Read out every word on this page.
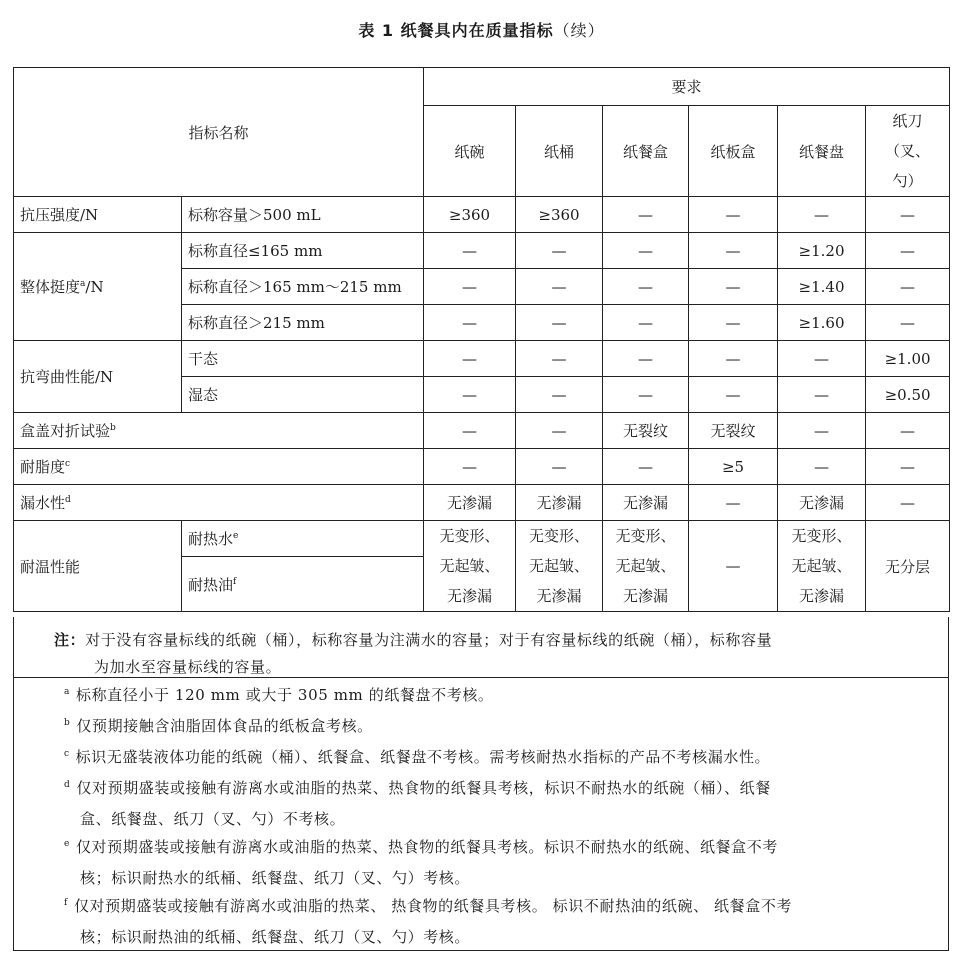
表 1 纸餐具内在质量指标（续）
指标名称		要求					
		纸碗	纸桶	纸餐盒	纸板盒	纸餐盘	纸刀
（叉、
勺）

抗压强度/N	标称容量＞500 mL	≥360	≥360	—	—	—	—
整体挺度$^a$/N	标称直径≤165 mm	—	—	—	—	≥1.20	—
	标称直径＞165 mm～215 mm	—	—	—	—	≥1.40	—
	标称直径＞215 mm	—	—	—	—	≥1.60	—
抗弯曲性能/N	干态	—	—	—	—	—	≥1.00
	湿态	—	—	—	—	—	≥0.50
盒盖对折试验$^b$		—	—	无裂纹	无裂纹	—	—
耐脂度$^c$		—	—	—	≥5	—	—
漏水性$^d$		无渗漏	无渗漏	无渗漏	—	无渗漏	—
耐温性能	耐热水$^e$	无变形、
无起皱、
无渗漏	无变形、
无起皱、
无渗漏	无变形、
无起皱、
无渗漏	—	无变形、
无起皱、
无渗漏	无分层
	耐热油$^f$
注：对于没有容量标线的纸碗（桶），标称容量为注满水的容量；对于有容量标线的纸碗（桶），标称容量
为加水至容量标线的容量。
$^a$ 标称直径小于 120 mm 或大于 305 mm 的纸餐盘不考核。
$^b$ 仅预期接触含油脂固体食品的纸板盒考核。
$^c$ 标识无盛装液体功能的纸碗（桶）、纸餐盒、纸餐盘不考核。需考核耐热水指标的产品不考核漏水性。
$^d$ 仅对预期盛装或接触有游离水或油脂的热菜、热食物的纸餐具考核，标识不耐热水的纸碗（桶）、纸餐
盒、纸餐盘、纸刀（叉、勺）不考核。
$^e$ 仅对预期盛装或接触有游离水或油脂的热菜、热食物的纸餐具考核。标识不耐热水的纸碗、纸餐盒不考
核；标识耐热水的纸桶、纸餐盘、纸刀（叉、勺）考核。
$^f$ 仅对预期盛装或接触有游离水或油脂的热菜、 热食物的纸餐具考核。 标识不耐热油的纸碗、 纸餐盒不考
核；标识耐热油的纸桶、纸餐盘、纸刀（叉、勺）考核。
